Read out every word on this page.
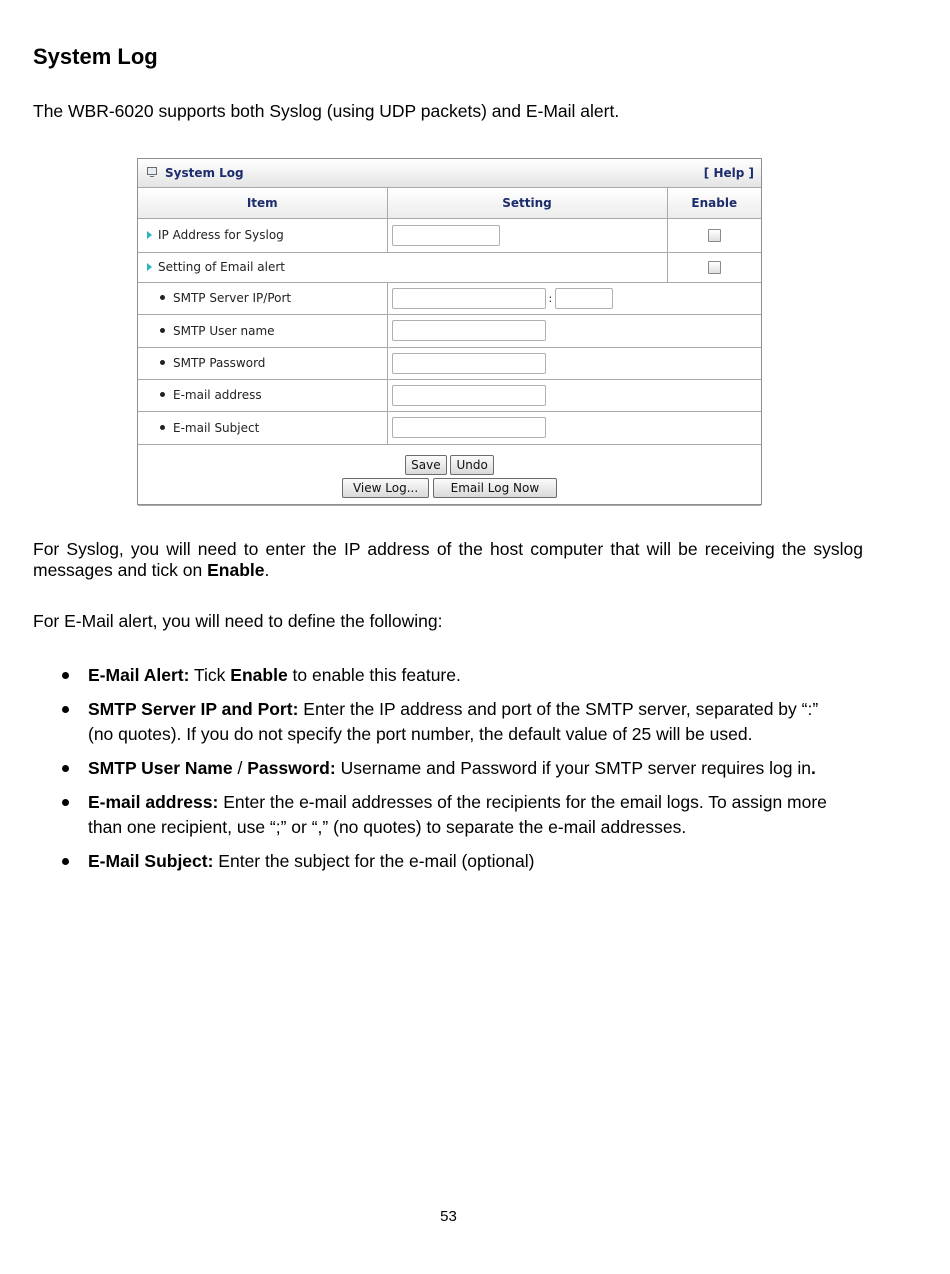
System Log

The WBR-6020 supports both Syslog (using UDP packets) and E-Mail alert.

System Log	[ Help ]
Item	Setting	Enable
IP Address for Syslog		
Setting of Email alert		
SMTP Server IP/Port	:	
SMTP User name	
SMTP Password	
E-mail address	
E-mail Subject	

Save Undo
View Log... Email Log Now		

For Syslog, you will need to enter the IP address of the host computer that will be receiving the syslog messages and tick on Enable.

For E-Mail alert, you will need to define the following:

E-Mail Alert: Tick Enable to enable this feature.
SMTP Server IP and Port: Enter the IP address and port of the SMTP server, separated by “:” (no quotes). If you do not specify the port number, the default value of 25 will be used.
SMTP User Name / Password: Username and Password if your SMTP server requires log in.
E-mail address: Enter the e-mail addresses of the recipients for the email logs. To assign more than one recipient, use “;” or “,” (no quotes) to separate the e-mail addresses.
E-Mail Subject: Enter the subject for the e-mail (optional)
53
